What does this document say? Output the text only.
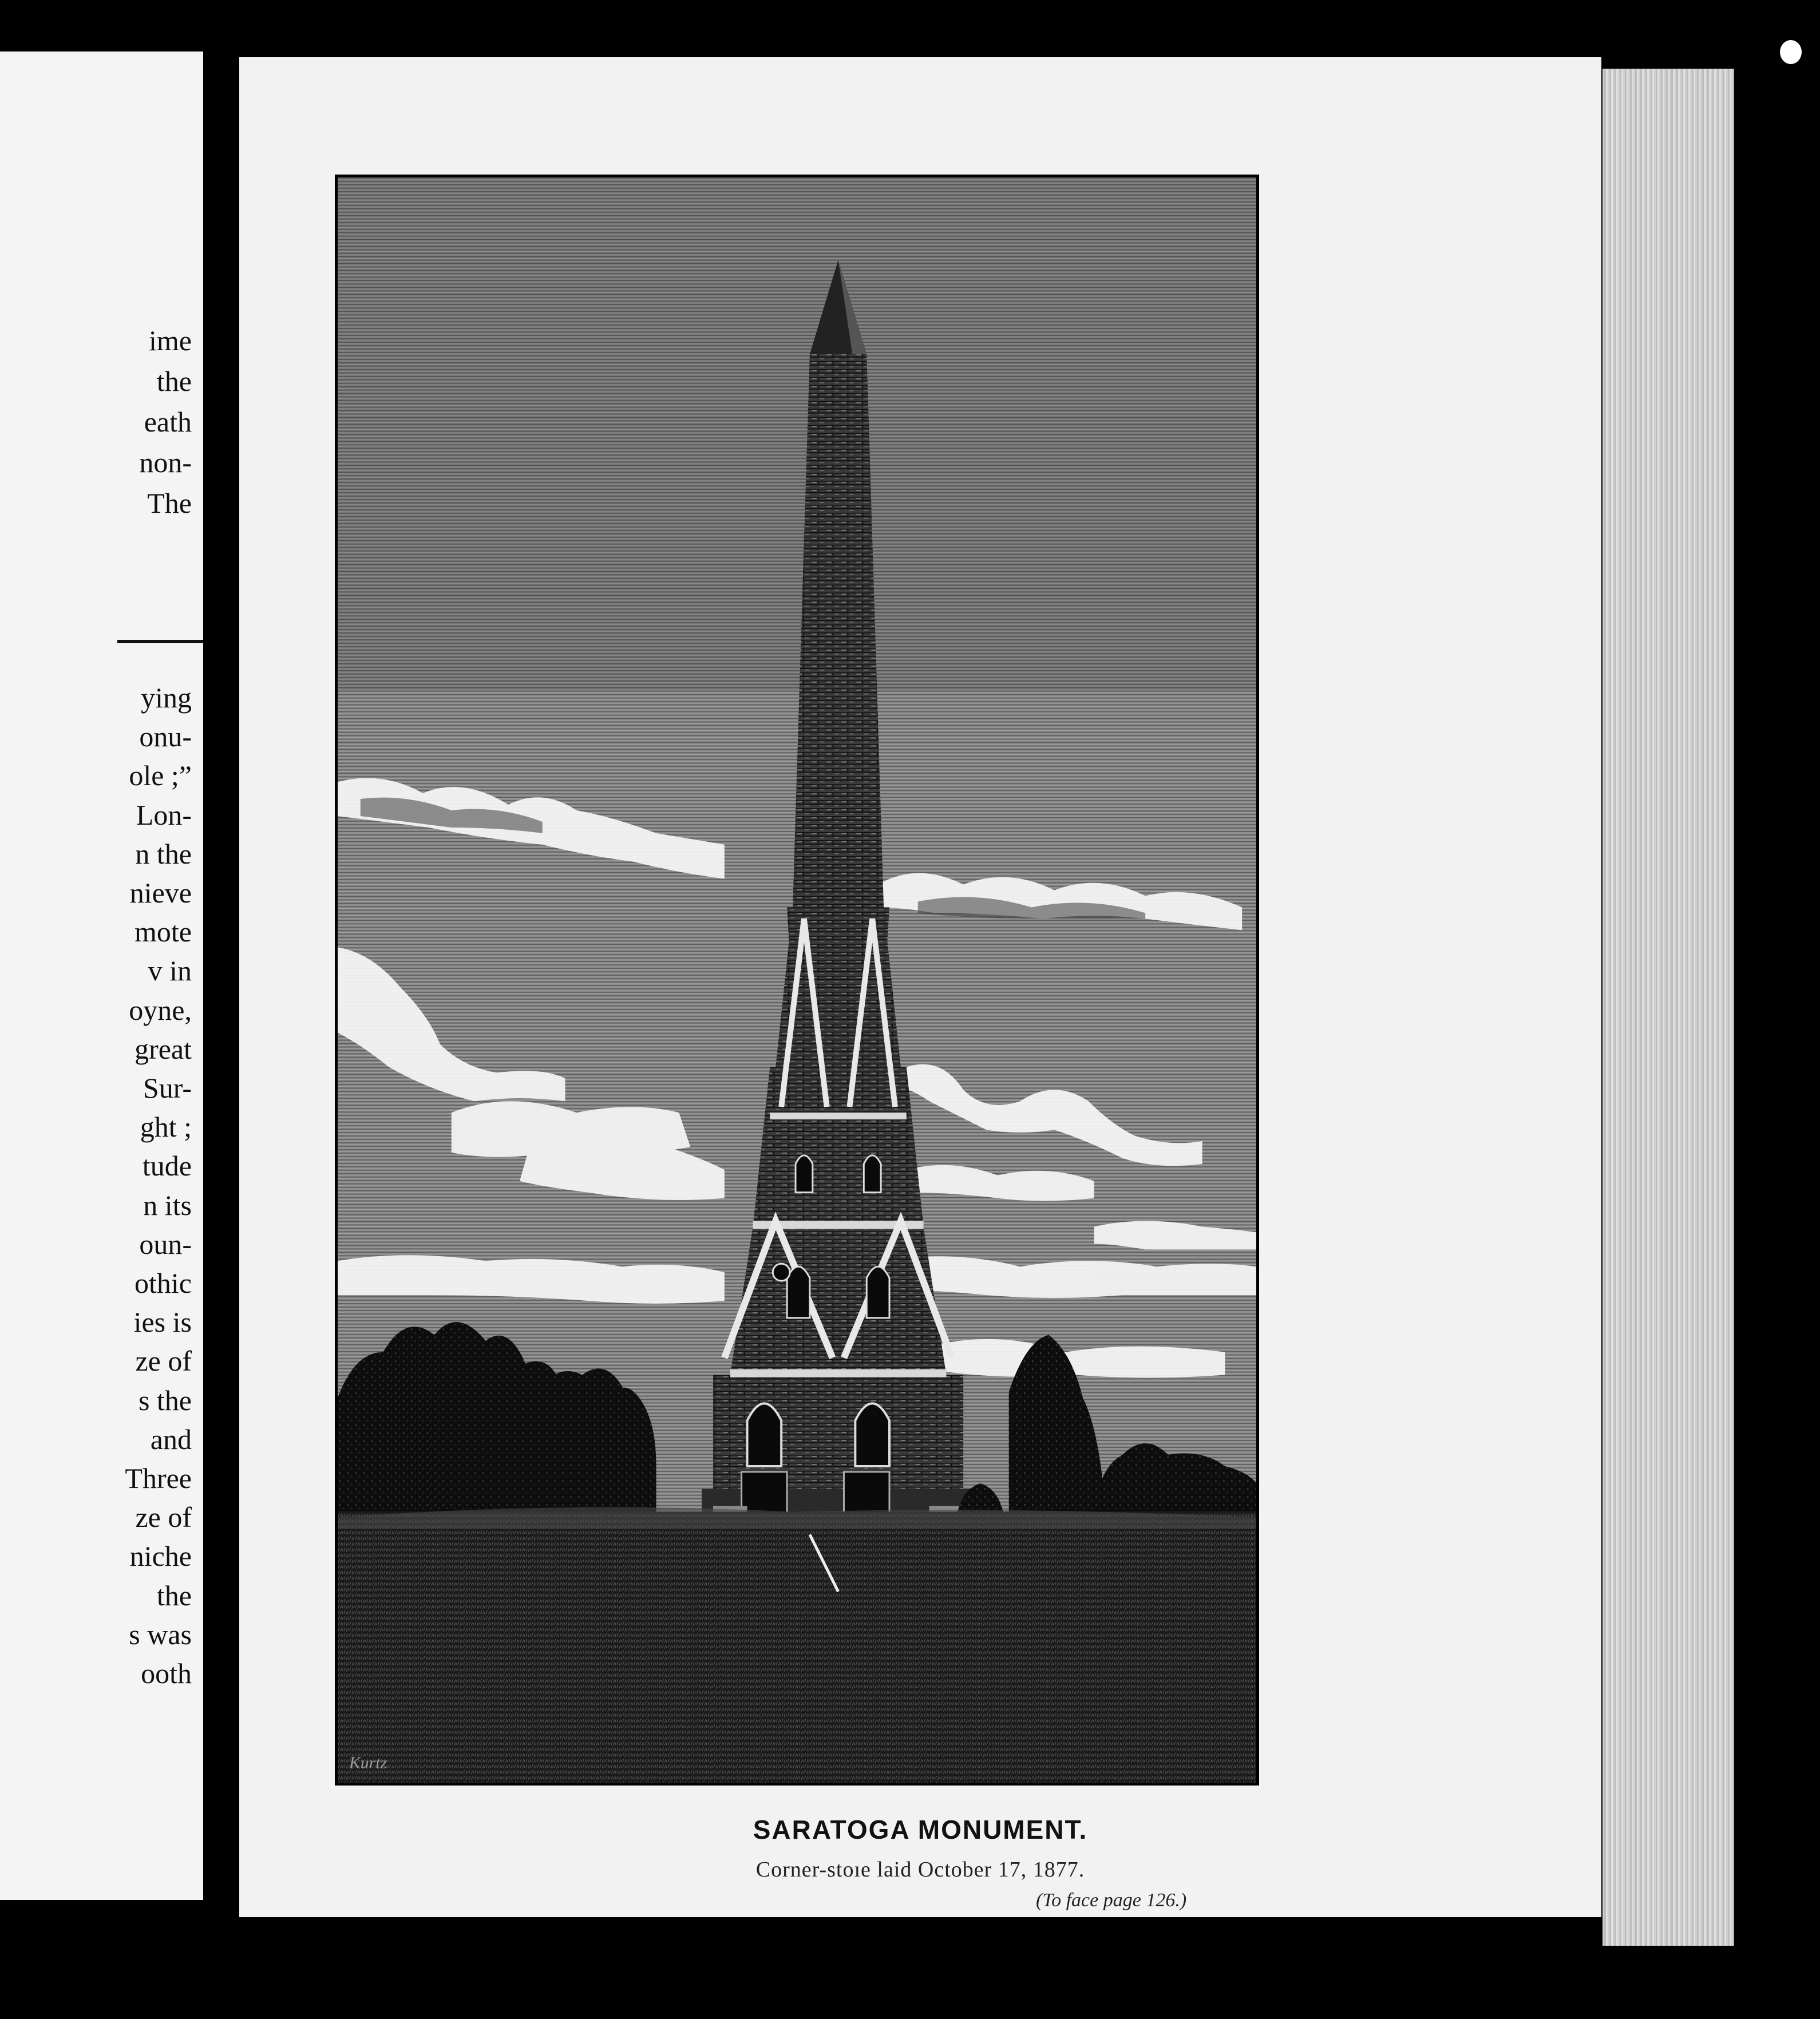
ime
the
eath
non-
The
ying
onu-
ole ;”
Lon-
n the
nieve
mote
v in
oyne,
great
Sur-
ght ;
tude
n its
oun-
othic
ies is
ze of
s the
and
Three
ze of
niche
the
s was
ooth
Kurtz
SARATOGA MONUMENT.
Corner-stoıe laid October 17, 1877.
(To face page 126.)
